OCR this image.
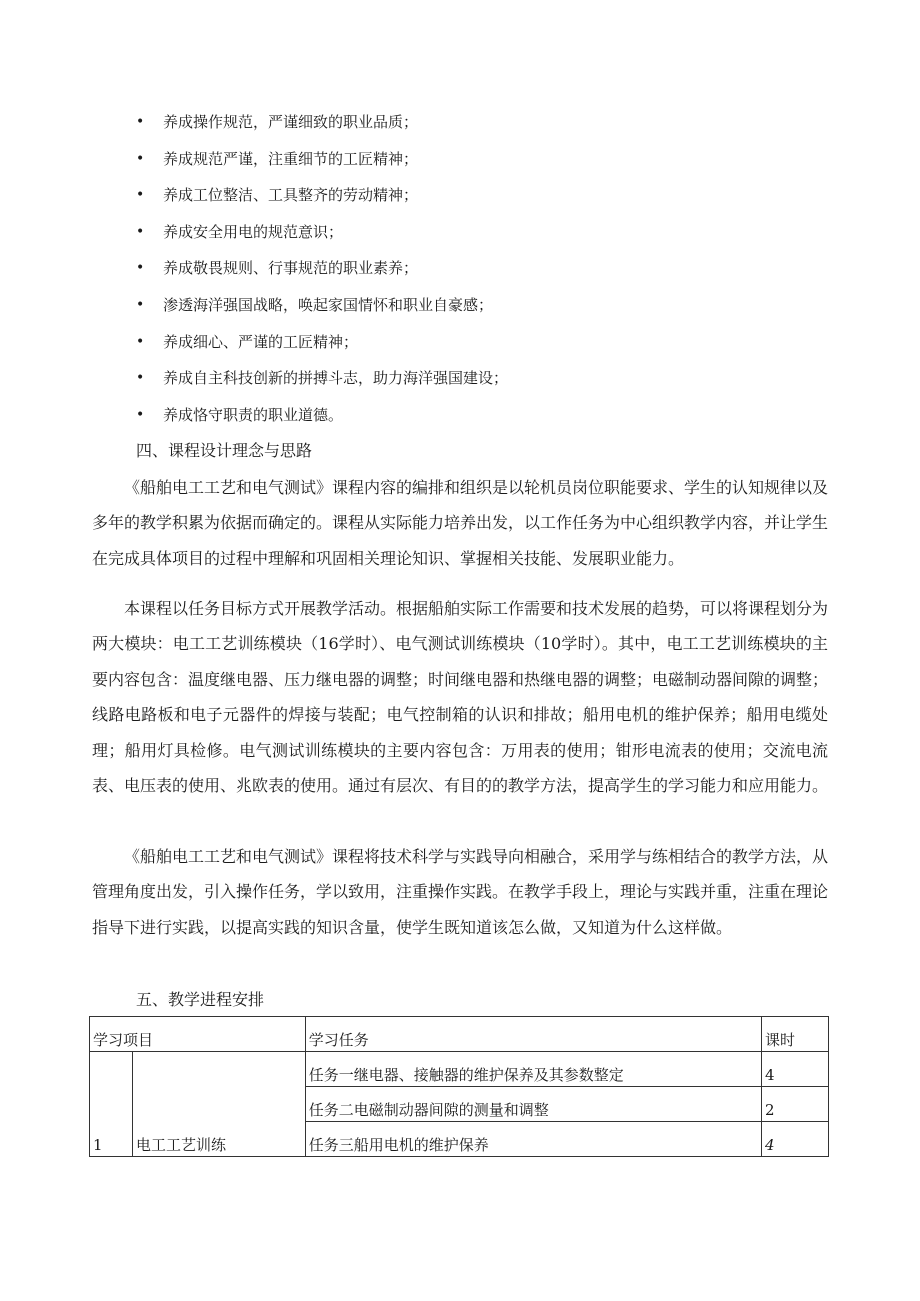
• 养成操作规范，严谨细致的职业品质；
• 养成规范严谨，注重细节的工匠精神；
• 养成工位整洁、工具整齐的劳动精神；
• 养成安全用电的规范意识；
• 养成敬畏规则、行事规范的职业素养；
• 渗透海洋强国战略，唤起家国情怀和职业自豪感；
• 养成细心、严谨的工匠精神；
• 养成自主科技创新的拼搏斗志，助力海洋强国建设；
• 养成恪守职责的职业道德。
四、课程设计理念与思路

《船舶电工工艺和电气测试》课程内容的编排和组织是以轮机员岗位职能要求、学生的认知规律以及多年的教学积累为依据而确定的。课程从实际能力培养出发，以工作任务为中心组织教学内容，并让学生在完成具体项目的过程中理解和巩固相关理论知识、掌握相关技能、发展职业能力。

本课程以任务目标方式开展教学活动。根据船舶实际工作需要和技术发展的趋势，可以将课程划分为两大模块：电工工艺训练模块（16学时）、电气测试训练模块（10学时）。其中，电工工艺训练模块的主要内容包含：温度继电器、压力继电器的调整；时间继电器和热继电器的调整；电磁制动器间隙的调整；线路电路板和电子元器件的焊接与装配；电气控制箱的认识和排故；船用电机的维护保养；船用电缆处理；船用灯具检修。电气测试训练模块的主要内容包含：万用表的使用；钳形电流表的使用；交流电流表、电压表的使用、兆欧表的使用。通过有层次、有目的的教学方法，提高学生的学习能力和应用能力。

《船舶电工工艺和电气测试》课程将技术科学与实践导向相融合，采用学与练相结合的教学方法，从管理角度出发，引入操作任务，学以致用，注重操作实践。在教学手段上，理论与实践并重，注重在理论指导下进行实践，以提高实践的知识含量，使学生既知道该怎么做，又知道为什么这样做。

五、教学进程安排
学习项目		学习任务	课时
1	电工工艺训练	任务一继电器、接触器的维护保养及其参数整定	4
		任务二电磁制动器间隙的测量和调整	2
		任务三船用电机的维护保养	4
